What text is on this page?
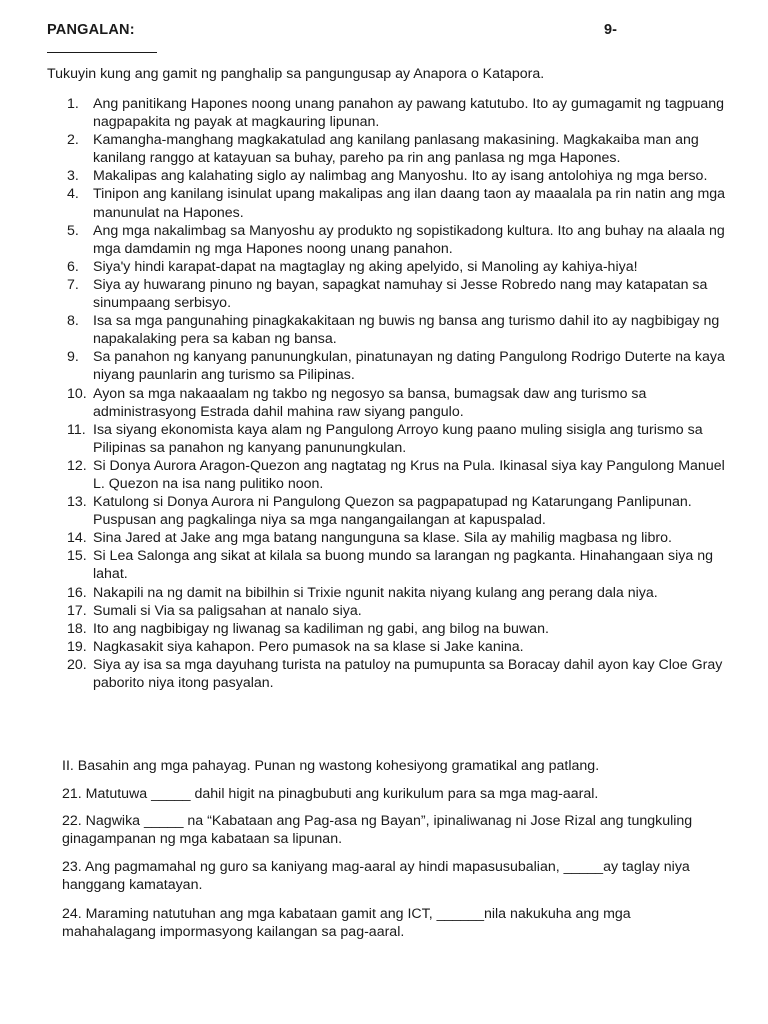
PANGALAN:	9-
Tukuyin kung ang gamit ng panghalip sa pangungusap ay Anapora o Katapora.
1. Ang panitikang Hapones noong unang panahon ay pawang katutubo. Ito ay gumagamit ng tagpuang nagpapakita ng payak at magkauring lipunan.
2. Kamangha-manghang magkakatulad ang kanilang panlasang makasining. Magkakaiba man ang kanilang ranggo at katayuan sa buhay, pareho pa rin ang panlasa ng mga Hapones.
3. Makalipas ang kalahating siglo ay nalimbag ang Manyoshu. Ito ay isang antolohiya ng mga berso.
4. Tinipon ang kanilang isinulat upang makalipas ang ilan daang taon ay maaalala pa rin natin ang mga manunulat na Hapones.
5. Ang mga nakalimbag sa Manyoshu ay produkto ng sopistikadong kultura. Ito ang buhay na alaala ng mga damdamin ng mga Hapones noong unang panahon.
6. Siya'y hindi karapat-dapat na magtaglay ng aking apelyido, si Manoling ay kahiya-hiya!
7. Siya ay huwarang pinuno ng bayan, sapagkat namuhay si Jesse Robredo nang may katapatan sa sinumpaang serbisyo.
8. Isa sa mga pangunahing pinagkakakitaan ng buwis ng bansa ang turismo dahil ito ay nagbibigay ng napakalaking pera sa kaban ng bansa.
9. Sa panahon ng kanyang panunungkulan, pinatunayan ng dating Pangulong Rodrigo Duterte na kaya niyang paunlarin ang turismo sa Pilipinas.
10. Ayon sa mga nakaaalam ng takbo ng negosyo sa bansa, bumagsak daw ang turismo sa administrasyong Estrada dahil mahina raw siyang pangulo.
11. Isa siyang ekonomista kaya alam ng Pangulong Arroyo kung paano muling sisigla ang turismo sa Pilipinas sa panahon ng kanyang panunungkulan.
12. Si Donya Aurora Aragon-Quezon ang nagtatag ng Krus na Pula. Ikinasal siya kay Pangulong Manuel L. Quezon na isa nang pulitiko noon.
13. Katulong si Donya Aurora ni Pangulong Quezon sa pagpapatupad ng Katarungang Panlipunan. Puspusan ang pagkalinga niya sa mga nangangailangan at kapuspalad.
14. Sina Jared at Jake ang mga batang nangunguna sa klase. Sila ay mahilig magbasa ng libro.
15. Si Lea Salonga ang sikat at kilala sa buong mundo sa larangan ng pagkanta. Hinahangaan siya ng lahat.
16. Nakapili na ng damit na bibilhin si Trixie ngunit nakita niyang kulang ang perang dala niya.
17. Sumali si Via sa paligsahan at nanalo siya.
18. Ito ang nagbibigay ng liwanag sa kadiliman ng gabi, ang bilog na buwan.
19. Nagkasakit siya kahapon. Pero pumasok na sa klase si Jake kanina.
20. Siya ay isa sa mga dayuhang turista na patuloy na pumupunta sa Boracay dahil ayon kay Cloe Gray paborito niya itong pasyalan.
II. Basahin ang mga pahayag. Punan ng wastong kohesiyong gramatikal ang patlang.
21. Matutuwa _____ dahil higit na pinagbubuti ang kurikulum para sa mga mag-aaral.
22. Nagwika _____ na “Kabataan ang Pag-asa ng Bayan”, ipinaliwanag ni Jose Rizal ang tungkuling ginagampanan ng mga kabataan sa lipunan.
23. Ang pagmamahal ng guro sa kaniyang mag-aaral ay hindi mapasusubalian, _____ay taglay niya hanggang kamatayan.
24. Maraming natutuhan ang mga kabataan gamit ang ICT, ______nila nakukuha ang mga mahahalagang impormasyong kailangan sa pag-aaral.
